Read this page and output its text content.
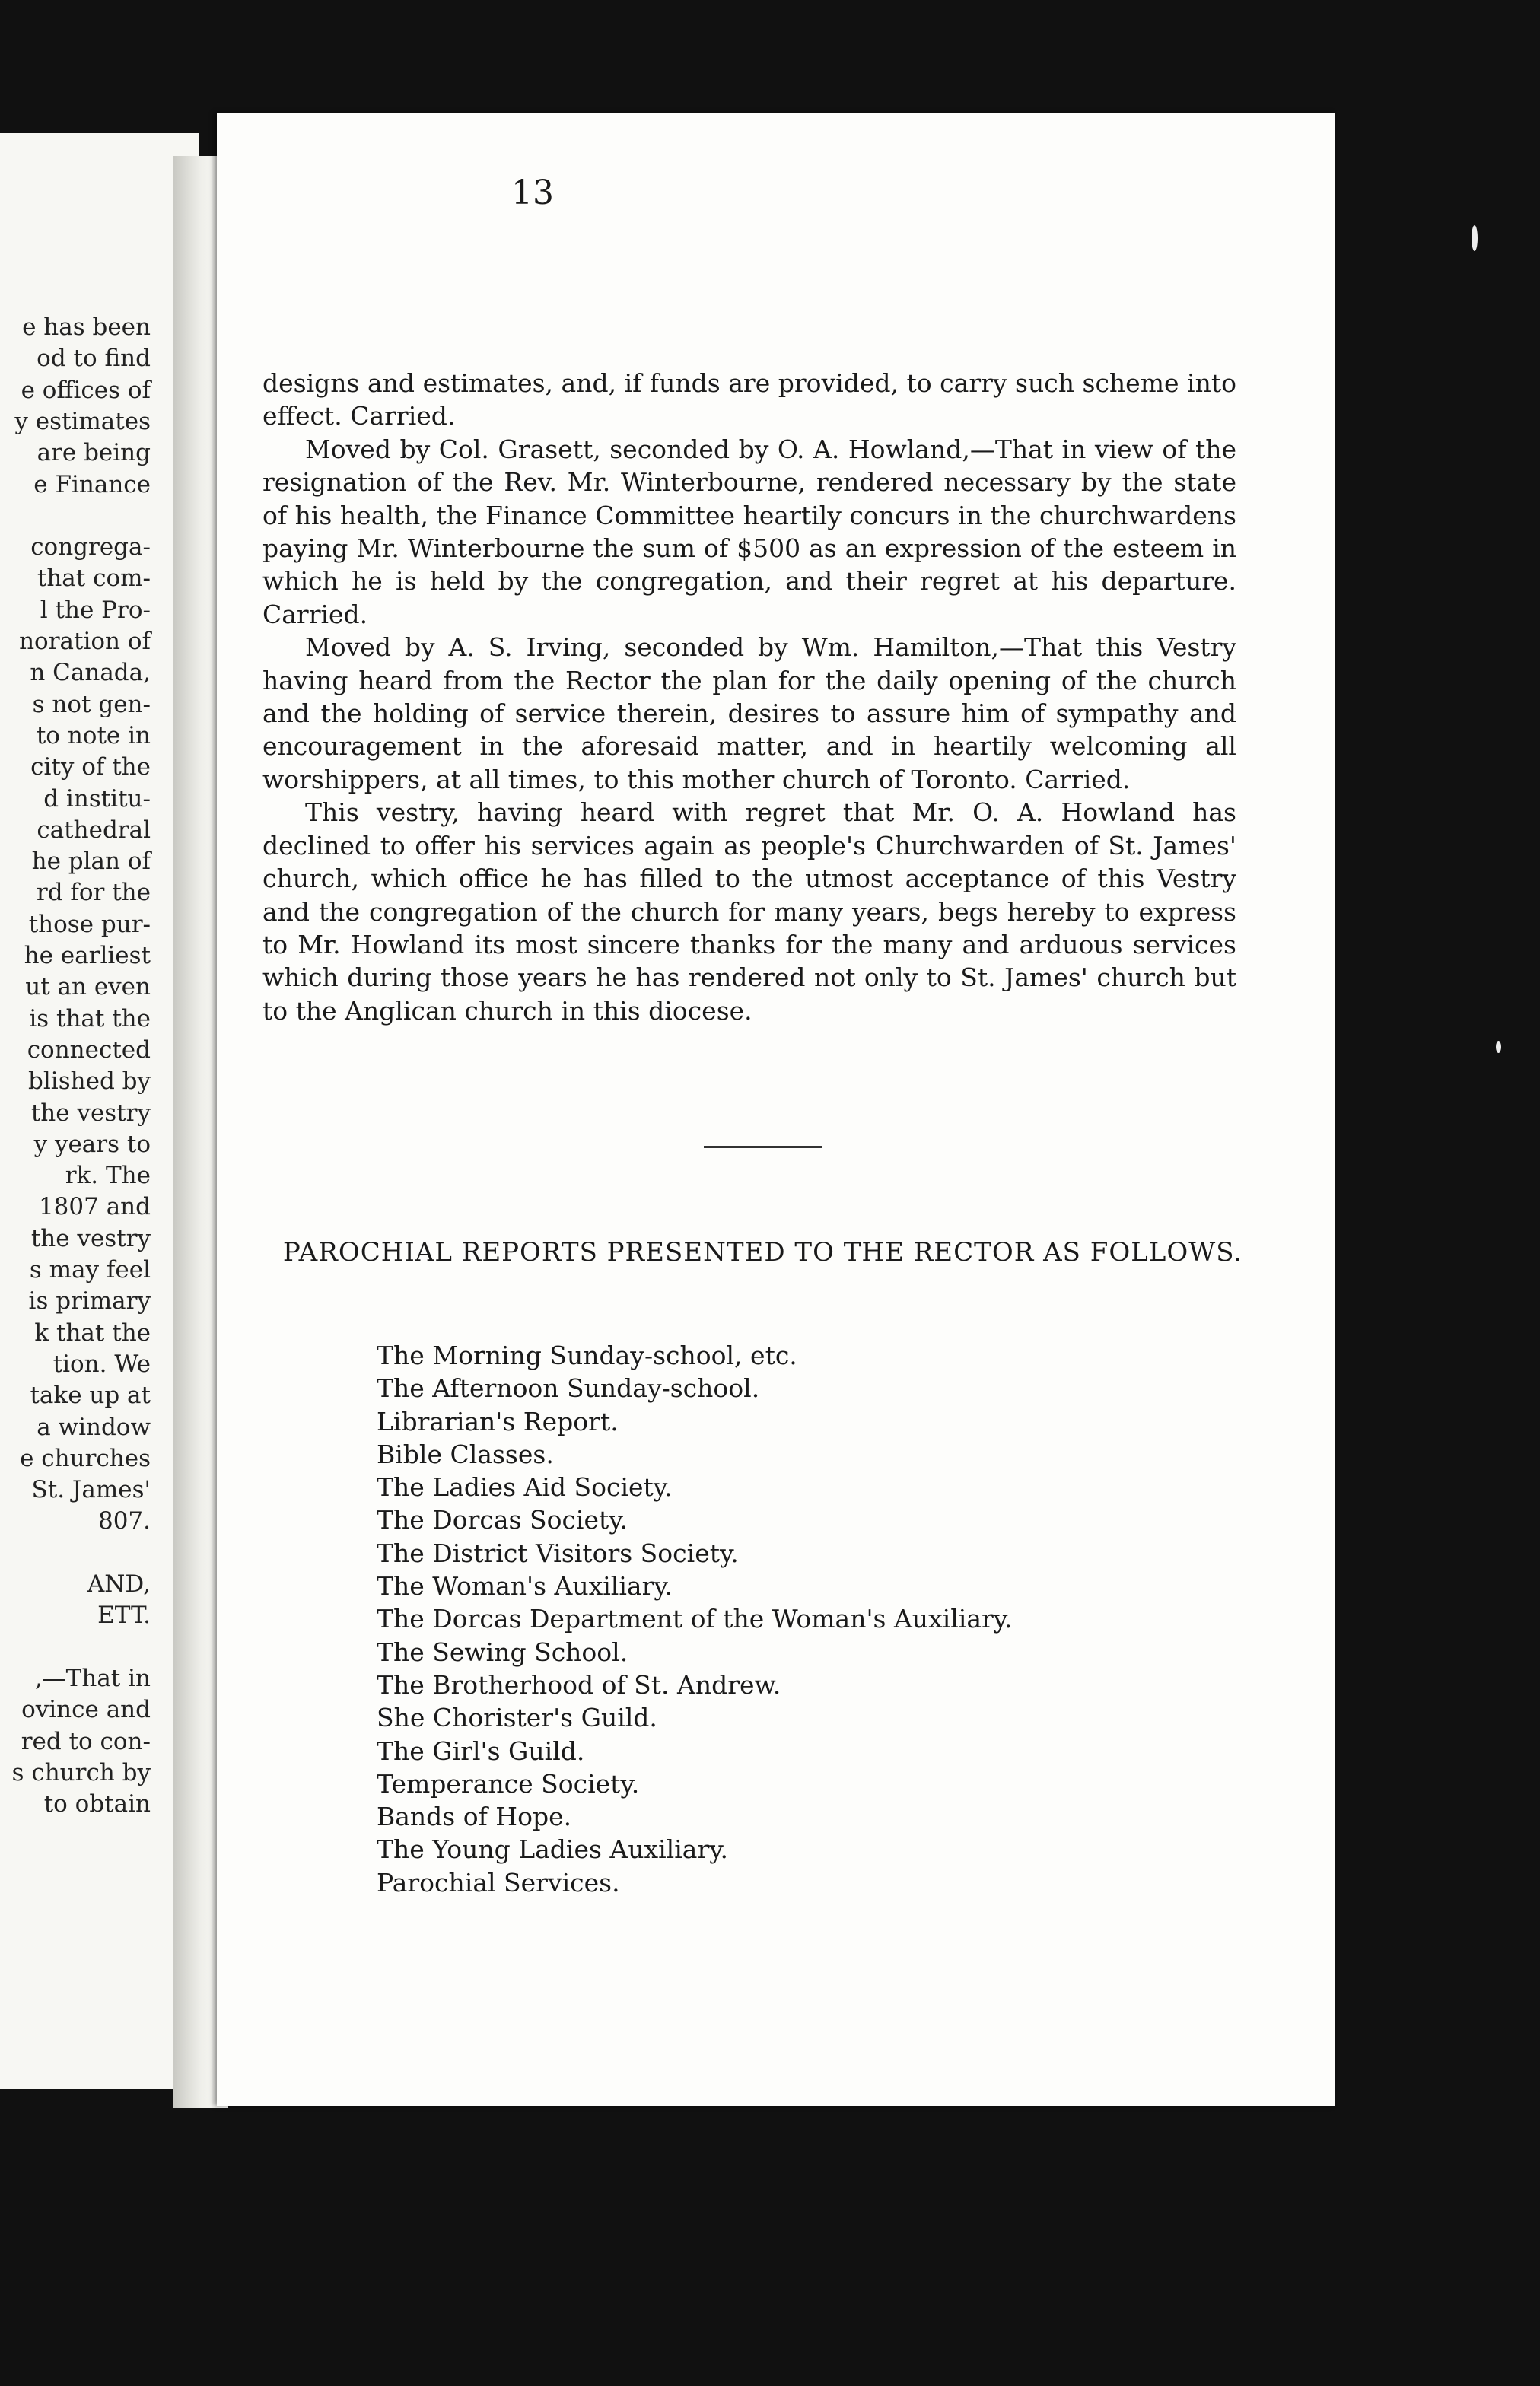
e has been
od to find
e offices of
y estimates
are being
e Finance
congrega-
that com-
l the Pro-
noration of
n Canada,
s not gen-
to note in
city of the
d institu-
cathedral
he plan of
rd for the
those pur-
he earliest
ut an even
is that the
connected
blished by
the vestry
y years to
rk. The
1807 and
the vestry
s may feel
is primary
k that the
tion. We
take up at
a window
e churches
St. James'
807.
AND,
ETT.
,—That in
ovince and
red to con-
s church by
to obtain
13

designs and estimates, and, if funds are provided, to carry such scheme into effect. Carried.

Moved by Col. Grasett, seconded by O. A. Howland,—That in view of the resignation of the Rev. Mr. Winterbourne, rendered necessary by the state of his health, the Finance Committee heartily concurs in the churchwardens paying Mr. Winterbourne the sum of $500 as an expression of the esteem in which he is held by the congregation, and their regret at his departure. Carried.

Moved by A. S. Irving, seconded by Wm. Hamilton,—That this Vestry having heard from the Rector the plan for the daily opening of the church and the holding of service therein, desires to assure him of sympathy and encouragement in the aforesaid matter, and in heartily welcoming all worshippers, at all times, to this mother church of Toronto. Carried.

This vestry, having heard with regret that Mr. O. A. Howland has declined to offer his services again as people's Churchwarden of St. James' church, which office he has filled to the utmost acceptance of this Vestry and the congregation of the church for many years, begs hereby to express to Mr. Howland its most sincere thanks for the many and arduous services which during those years he has rendered not only to St. James' church but to the Anglican church in this diocese.

PAROCHIAL REPORTS PRESENTED TO THE RECTOR AS FOLLOWS.
The Morning Sunday-school, etc.
The Afternoon Sunday-school.
Librarian's Report.
Bible Classes.
The Ladies Aid Society.
The Dorcas Society.
The District Visitors Society.
The Woman's Auxiliary.
The Dorcas Department of the Woman's Auxiliary.
The Sewing School.
The Brotherhood of St. Andrew.
She Chorister's Guild.
The Girl's Guild.
Temperance Society.
Bands of Hope.
The Young Ladies Auxiliary.
Parochial Services.
